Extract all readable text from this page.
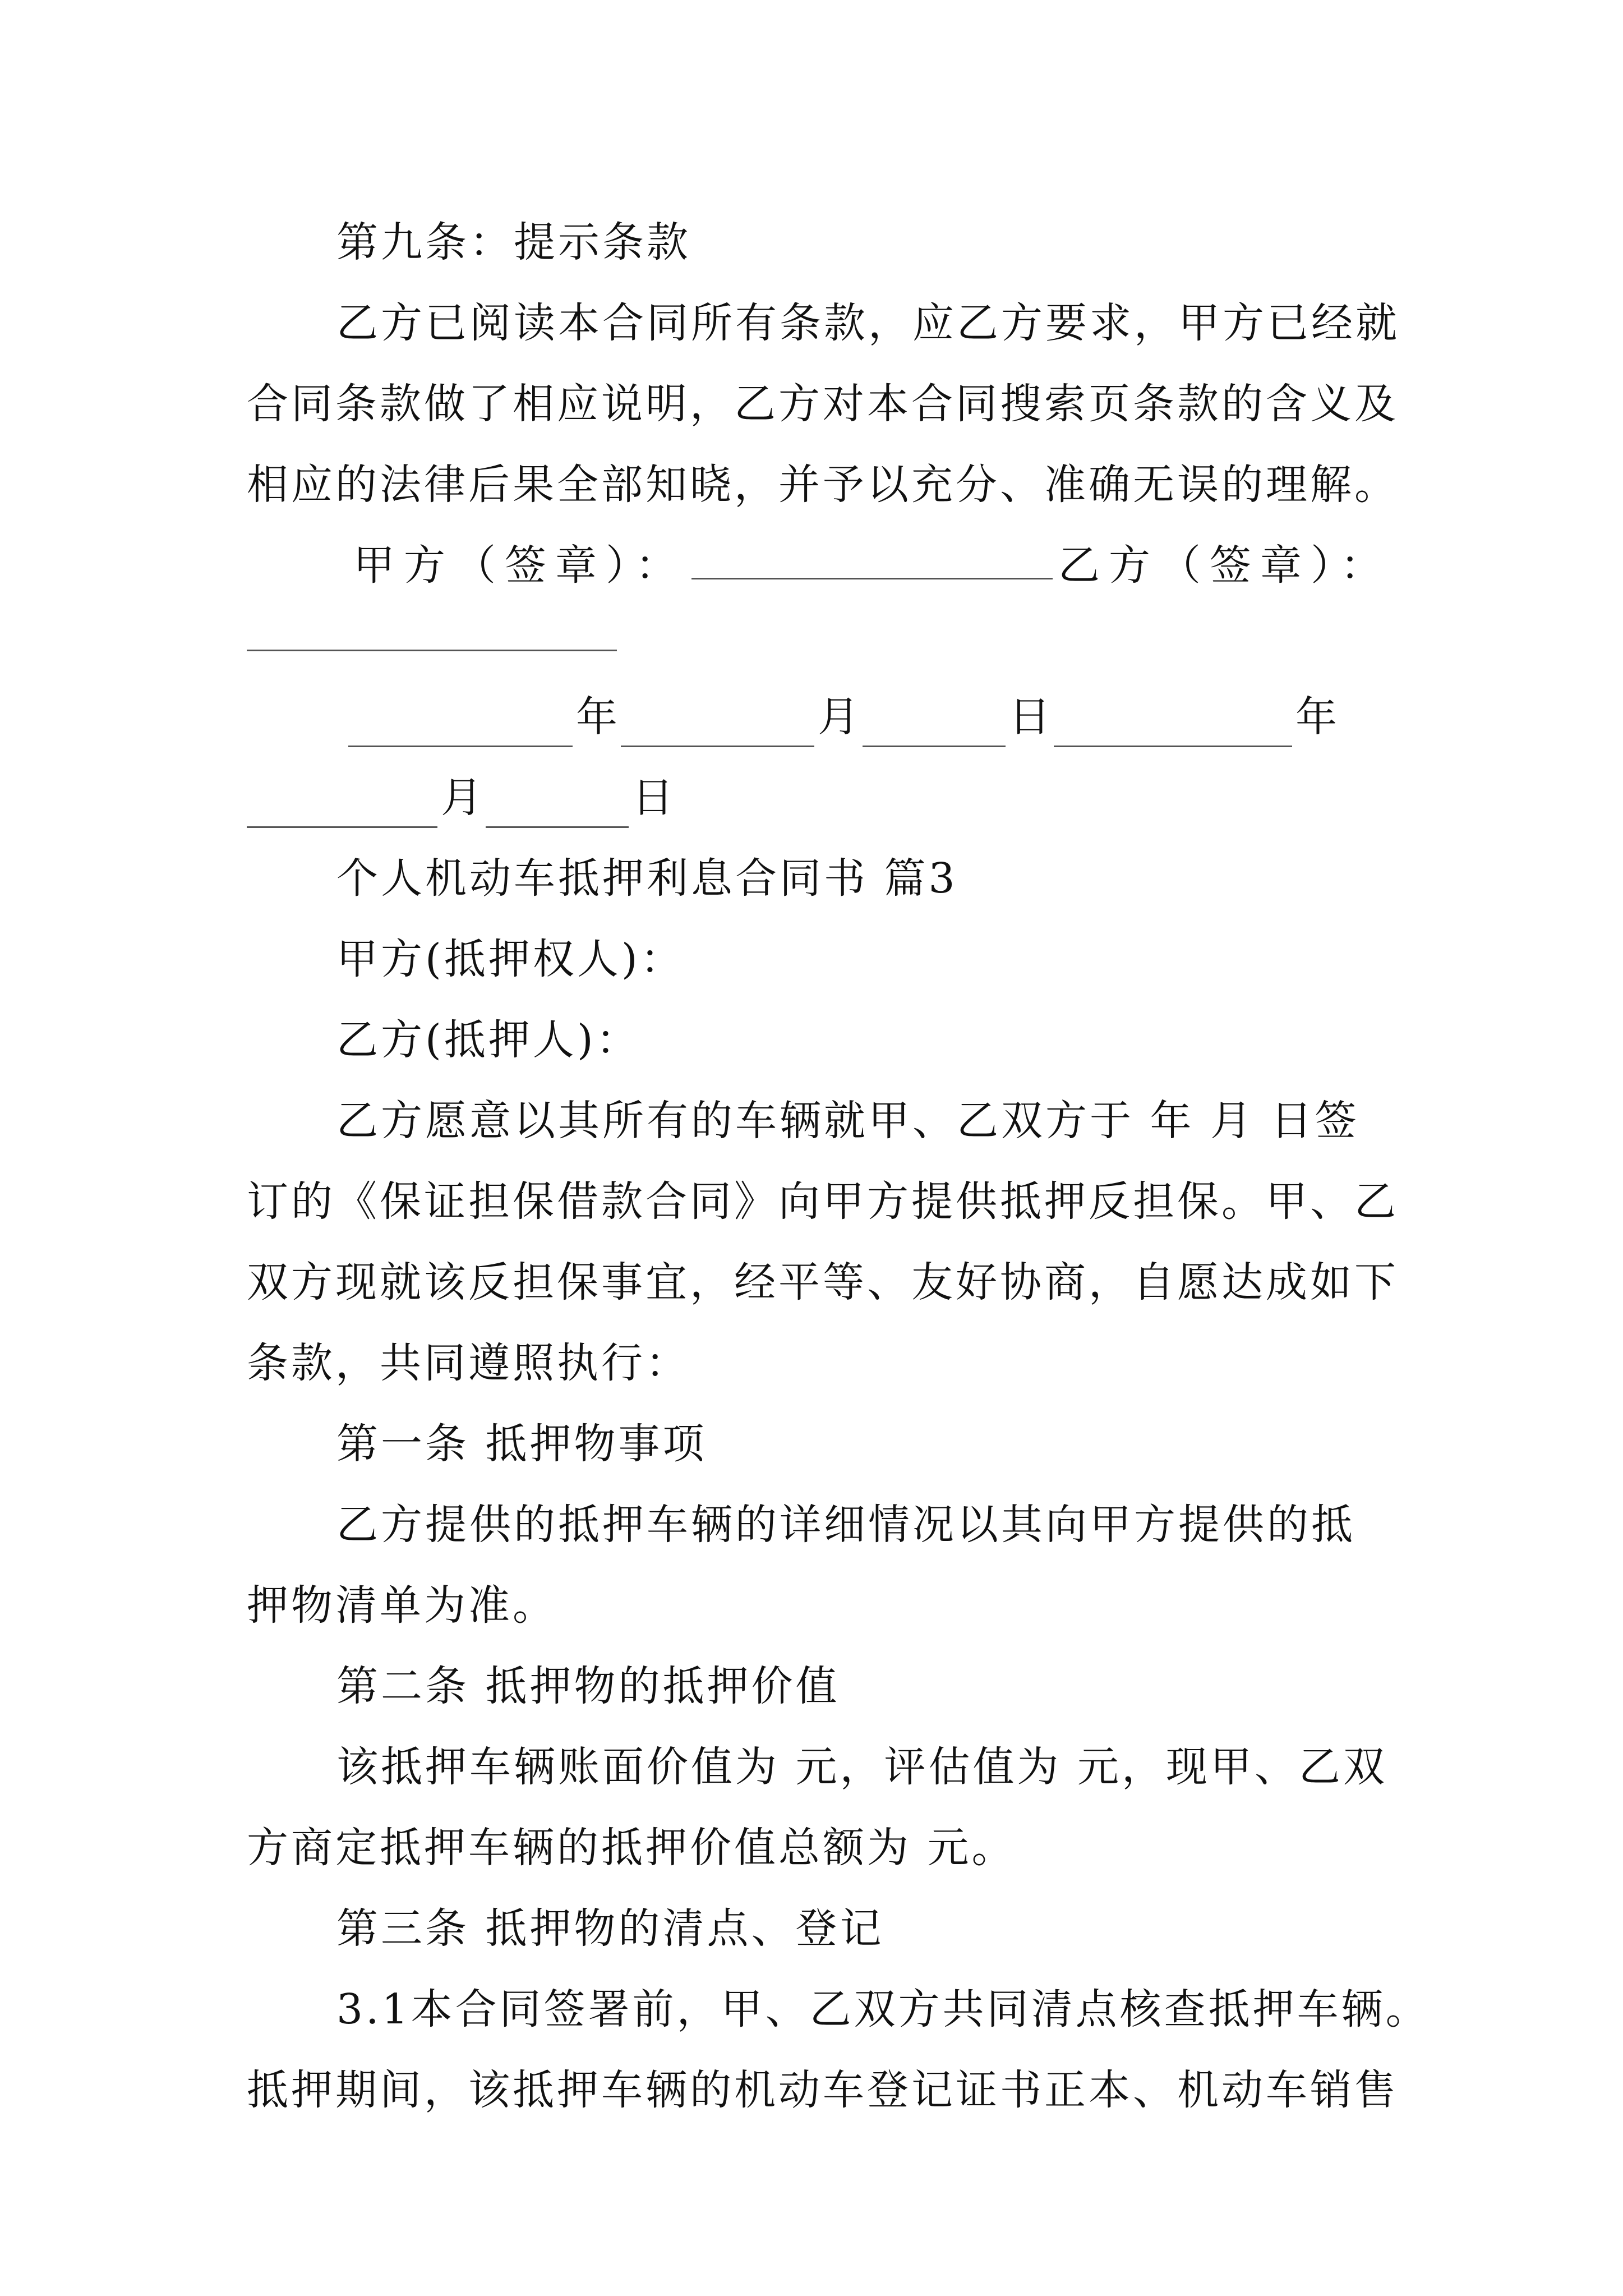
第九条：提示条款

乙方已阅读本合同所有条款，应乙方要求，甲方已经就

合同条款做了相应说明，乙方对本合同搜索页条款的含义及

相应的法律后果全部知晓，并予以充分、准确无误的理解。

甲方（签章）：	乙方（签章）：
年	月	日	年
月	日

个人机动车抵押利息合同书 篇3

甲方(抵押权人)：

乙方(抵押人)：

乙方愿意以其所有的车辆就甲、乙双方于 年 月 日签

订的《保证担保借款合同》向甲方提供抵押反担保。甲、乙

双方现就该反担保事宜，经平等、友好协商，自愿达成如下

条款，共同遵照执行：

第一条 抵押物事项

乙方提供的抵押车辆的详细情况以其向甲方提供的抵

押物清单为准。

第二条 抵押物的抵押价值

该抵押车辆账面价值为 元，评估值为 元，现甲、乙双

方商定抵押车辆的抵押价值总额为 元。

第三条 抵押物的清点、登记

3.1本合同签署前，甲、乙双方共同清点核查抵押车辆。

抵押期间，该抵押车辆的机动车登记证书正本、机动车销售
